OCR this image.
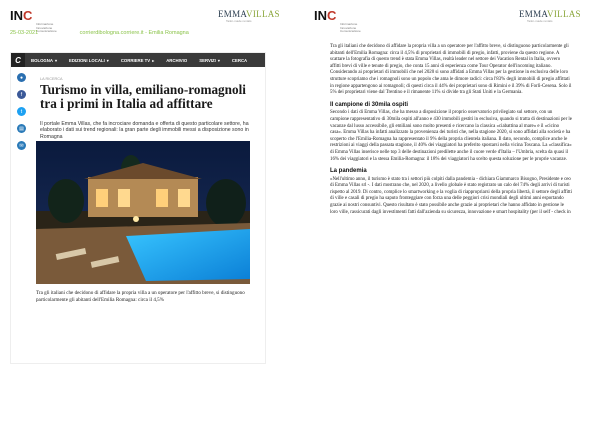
INC
Informazione Innovazione Comunicazione
EMMAVILLAS
Tailor-made rentals
25-03-2021	corrierdibologna.corriere.it - Emilia Romagna
C	BOLOGNA ▾	EDIZIONI LOCALI ▾	CORRIERE TV ▸	ARCHIVIO	SERVIZI ▾	CERCA
●
f
t
▤
✉
LA RICERCA
Turismo in villa, emiliano-romagnoli tra i primi in Italia ad affittare
Il portale Emma Villas, che fa incrociare domanda e offerta di questo particolare settore, ha elaborato i dati sui trend regionali: la gran parte degli immobili messi a disposizione sono in Romagna
Tra gli italiani che decidono di affidare la propria villa a un operatore per l'affitto breve, si distinguono particolarmente gli abitanti dell'Emilia Romagna: circa il 4,5%
INC
Informazione Innovazione Comunicazione
EMMAVILLAS
Tailor-made rentals

Tra gli italiani che decidono di affidare la propria villa a un operatore per l'affitto breve, si distinguono particolarmente gli abitanti dell'Emilia Romagna: circa il 4,5% di proprietari di immobili di pregio, infatti, proviene da questo regione. A scattare la fotografia di questo trend è stata Emma Villas, realtà leader nel settore dei Vacation Rental in Italia, ovvero affitti brevi di ville e tenute di pregio, che conta 15 anni di esperienza come Tour Operator dell'incoming italiano. Considerando ai proprietari di immobili che nel 2020 si sono affidati a Emma Villas per la gestione in esclusiva delle loro strutture scopriamo che i romagnoli sono un popolo che ama le dimore radici: circa l'83% degli immobili di pregio affittati in regione appartengono ai romagnoli; di questi circa il 44% dei proprietari sono di Rimini e il 39% di Forlì-Cesena. Solo il 5% dei proprietari viene dal Trentino e il rimanente 11% si divide tra gli Stati Uniti e la Germania.

Il campione di 30mila ospiti

Secondo i dati di Emma Villas, che ha messo a disposizione il proprio osservatorio privilegiato sul settore, con un campione rappresentativo di 30mila ospiti all'anno e 430 immobili gestiti in esclusiva, quando si tratta di destinazioni per le vacanze dal lusso accessibile, gli emiliani sono molto presenti e ricercano la classica «ciabattina al mare» e il «cicino casa». Emma Villas ha infatti analizzato la provenienza dei turisti che, nella stagione 2020, si sono affidati alla società e ha scoperto che l'Emilia-Romagna ha rappresentato il 9% della propria clientela italiana. Il dato, secondo, complice anche le restrizioni ai viaggi della passata stagione, il 40% dei viaggiatori ha preferito spostarsi nella vicina Toscana. La «classifica» di Emma Villas inserisce nelle top 3 delle destinazioni predilette anche il cuore verde d'Italia – l'Umbria, scelta da quasi il 16% dei viaggiatori e la stessa Emilia-Romagna: il 18% dei viaggiatori ha scelto questa soluzione per le proprie vacanze.

La pandemia

«Nell'ultimo anno, il turismo è stato tra i settori più colpiti dalla pandemia - dichiara Giammarco Bisogno, Presidente e ceo di Emma Villas srl -. I dati mostrano che, nel 2020, a livello globale è stato registrato un calo del 74% degli arrivi di turisti rispetto al 2019. Di contro, complice lo smartworking e la voglia di riappropriarsi della propria libertà, il settore degli affitti di ville e casali di pregio ha saputo fronteggiare con forza una delle peggiori crisi mondiali degli ultimi anni esportando grazie ai nostri consuntivi. Questo risultato è stato possibile anche grazie ai proprietari che hanno affidato in gestione le loro ville, rassicurati dagli investimenti fatti dall'azienda su sicurezza, innovazione e smart hospitality (per il self - check in
